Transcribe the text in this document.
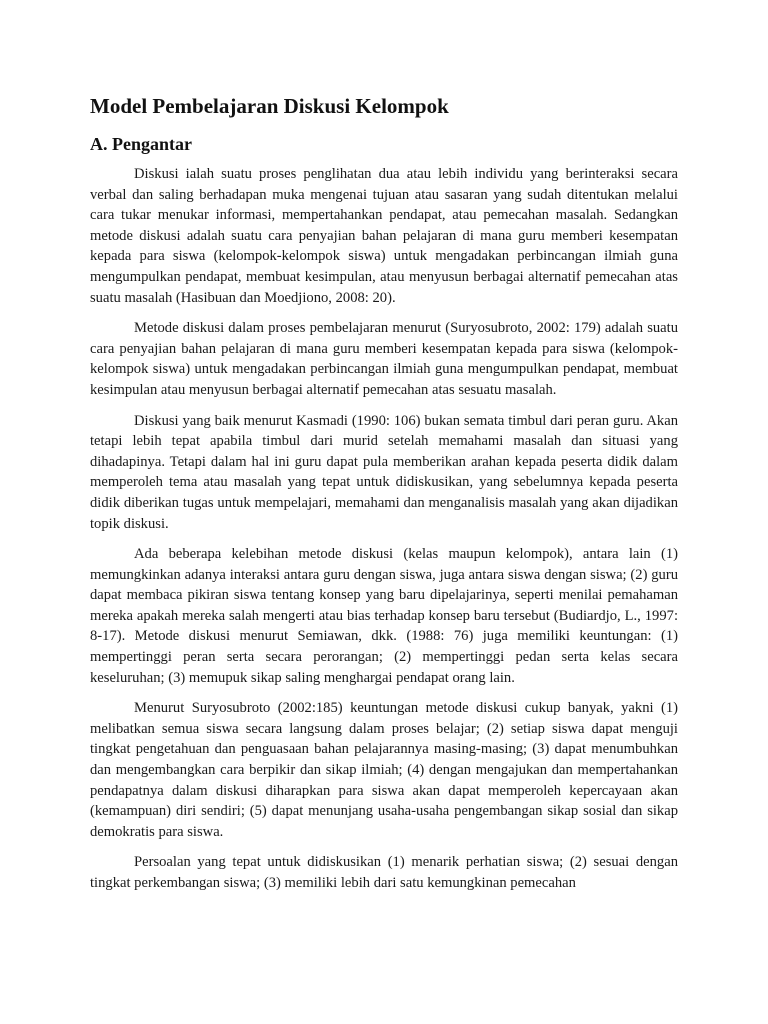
Model Pembelajaran Diskusi Kelompok
A. Pengantar

Diskusi ialah suatu proses penglihatan dua atau lebih individu yang berinteraksi secara verbal dan saling berhadapan muka mengenai tujuan atau sasaran yang sudah ditentukan melalui cara tukar menukar informasi, mempertahankan pendapat, atau pemecahan masalah. Sedangkan metode diskusi adalah suatu cara penyajian bahan pelajaran di mana guru memberi kesempatan kepada para siswa (kelompok-kelompok siswa) untuk mengadakan perbincangan ilmiah guna mengumpulkan pendapat, membuat kesimpulan, atau menyusun berbagai alternatif pemecahan atas suatu masalah (Hasibuan dan Moedjiono, 2008: 20).

Metode diskusi dalam proses pembelajaran menurut (Suryosubroto, 2002: 179) adalah suatu cara penyajian bahan pelajaran di mana guru memberi kesempatan kepada para siswa (kelompok-kelompok siswa) untuk mengadakan perbincangan ilmiah guna mengumpulkan pendapat, membuat kesimpulan atau menyusun berbagai alternatif pemecahan atas sesuatu masalah.

Diskusi yang baik menurut Kasmadi (1990: 106) bukan semata timbul dari peran guru. Akan tetapi lebih tepat apabila timbul dari murid setelah memahami masalah dan situasi yang dihadapinya. Tetapi dalam hal ini guru dapat pula memberikan arahan kepada peserta didik dalam memperoleh tema atau masalah yang tepat untuk didiskusikan, yang sebelumnya kepada peserta didik diberikan tugas untuk mempelajari, memahami dan menganalisis masalah yang akan dijadikan topik diskusi.

Ada beberapa kelebihan metode diskusi (kelas maupun kelompok), antara lain (1) memungkinkan adanya interaksi antara guru dengan siswa, juga antara siswa dengan siswa; (2) guru dapat membaca pikiran siswa tentang konsep yang baru dipelajarinya, seperti menilai pemahaman mereka apakah mereka salah mengerti atau bias terhadap konsep baru tersebut (Budiardjo, L., 1997: 8-17). Metode diskusi menurut Semiawan, dkk. (1988: 76) juga memiliki keuntungan: (1) mempertinggi peran serta secara perorangan; (2) mempertinggi pedan serta kelas secara keseluruhan; (3) memupuk sikap saling menghargai pendapat orang lain.

Menurut Suryosubroto (2002:185) keuntungan metode diskusi cukup banyak, yakni (1) melibatkan semua siswa secara langsung dalam proses belajar; (2) setiap siswa dapat menguji tingkat pengetahuan dan penguasaan bahan pelajarannya masing-masing; (3) dapat menumbuhkan dan mengembangkan cara berpikir dan sikap ilmiah; (4) dengan mengajukan dan mempertahankan pendapatnya dalam diskusi diharapkan para siswa akan dapat memperoleh kepercayaan akan (kemampuan) diri sendiri; (5) dapat menunjang usaha-usaha pengembangan sikap sosial dan sikap demokratis para siswa.

Persoalan yang tepat untuk didiskusikan (1) menarik perhatian siswa; (2) sesuai dengan tingkat perkembangan siswa; (3) memiliki lebih dari satu kemungkinan pemecahan
